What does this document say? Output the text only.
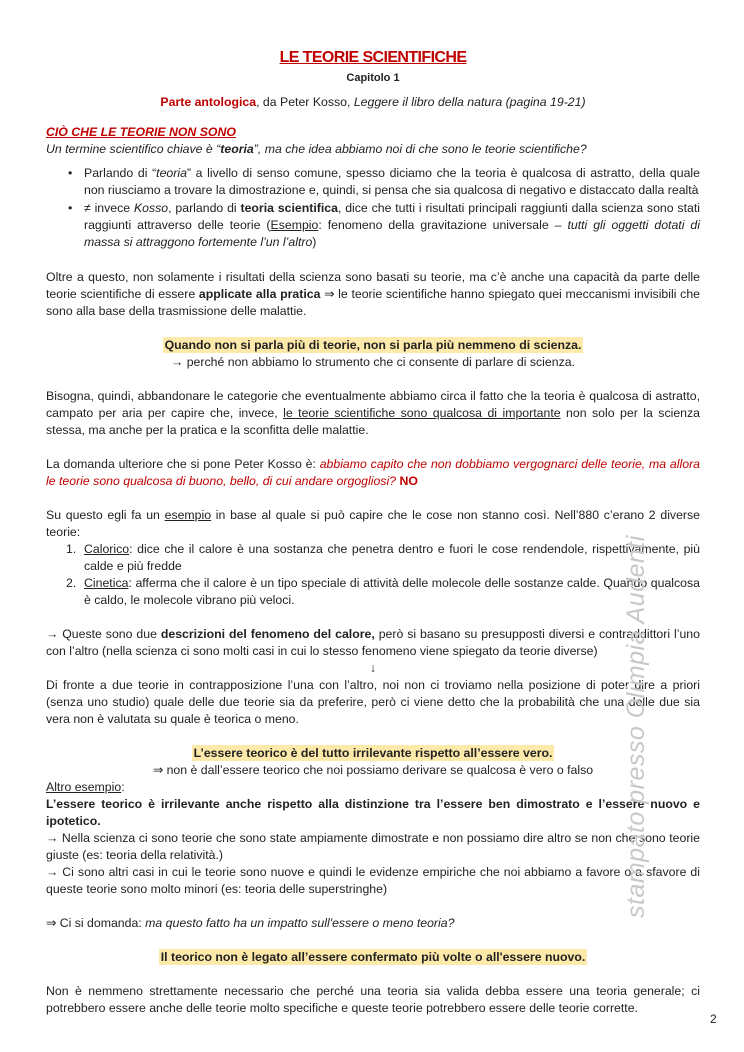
LE TEORIE SCIENTIFICHE
Capitolo 1
Parte antologica, da Peter Kosso, Leggere il libro della natura (pagina 19-21)
CIÒ CHE LE TEORIE NON SONO

Un termine scientifico chiave è “teoria”, ma che idea abbiamo noi di che sono le teorie scientifiche?

• Parlando di “teoria” a livello di senso comune, spesso diciamo che la teoria è qualcosa di astratto, della quale non riusciamo a trovare la dimostrazione e, quindi, si pensa che sia qualcosa di negativo e distaccato dalla realtà
• ≠ invece Kosso, parlando di teoria scientifica, dice che tutti i risultati principali raggiunti dalla scienza sono stati raggiunti attraverso delle teorie (Esempio: fenomeno della gravitazione universale – tutti gli oggetti dotati di massa si attraggono fortemente l’un l’altro)

Oltre a questo, non solamente i risultati della scienza sono basati su teorie, ma c’è anche una capacità da parte delle teorie scientifiche di essere applicate alla pratica ⇒ le teorie scientifiche hanno spiegato quei meccanismi invisibili che sono alla base della trasmissione delle malattie.

Quando non si parla più di teorie, non si parla più nemmeno di scienza.
→ perché non abbiamo lo strumento che ci consente di parlare di scienza.

Bisogna, quindi, abbandonare le categorie che eventualmente abbiamo circa il fatto che la teoria è qualcosa di astratto, campato per aria per capire che, invece, le teorie scientifiche sono qualcosa di importante non solo per la scienza stessa, ma anche per la pratica e la sconfitta delle malattie.

La domanda ulteriore che si pone Peter Kosso è: abbiamo capito che non dobbiamo vergognarci delle teorie, ma allora le teorie sono qualcosa di buono, bello, di cui andare orgogliosi? NO

Su questo egli fa un esempio in base al quale si può capire che le cose non stanno così. Nell’880 c’erano 2 diverse teorie:

1. Calorico: dice che il calore è una sostanza che penetra dentro e fuori le cose rendendole, rispettivamente, più calde e più fredde
2. Cinetica: afferma che il calore è un tipo speciale di attività delle molecole delle sostanze calde. Quando qualcosa è caldo, le molecole vibrano più veloci.

→ Queste sono due descrizioni del fenomeno del calore, però si basano su presupposti diversi e contraddittori l’uno con l’altro (nella scienza ci sono molti casi in cui lo stesso fenomeno viene spiegato da teorie diverse)

↓

Di fronte a due teorie in contrapposizione l’una con l’altro, noi non ci troviamo nella posizione di poter dire a priori (senza uno studio) quale delle due teorie sia da preferire, però ci viene detto che la probabilità che una delle due sia vera non è valutata su quale è teorica o meno.

L’essere teorico è del tutto irrilevante rispetto all’essere vero.
⇒ non è dall’essere teorico che noi possiamo derivare se qualcosa è vero o falso
Altro esempio:

L’essere teorico è irrilevante anche rispetto alla distinzione tra l’essere ben dimostrato e l’essere nuovo e ipotetico.

→ Nella scienza ci sono teorie che sono state ampiamente dimostrate e non possiamo dire altro se non che sono teorie giuste (es: teoria della relatività.)

→ Ci sono altri casi in cui le teorie sono nuove e quindi le evidenze empiriche che noi abbiamo a favore o a sfavore di queste teorie sono molto minori (es: teoria delle superstringhe)

⇒ Ci si domanda: ma questo fatto ha un impatto sull'essere o meno teoria?

Il teorico non è legato all’essere confermato più volte o all'essere nuovo.

Non è nemmeno strettamente necessario che perché una teoria sia valida debba essere una teoria generale; ci potrebbero essere anche delle teorie molto specifiche e queste teorie potrebbero essere delle teorie corrette.

stampato presso Olimpia Audenti
2
